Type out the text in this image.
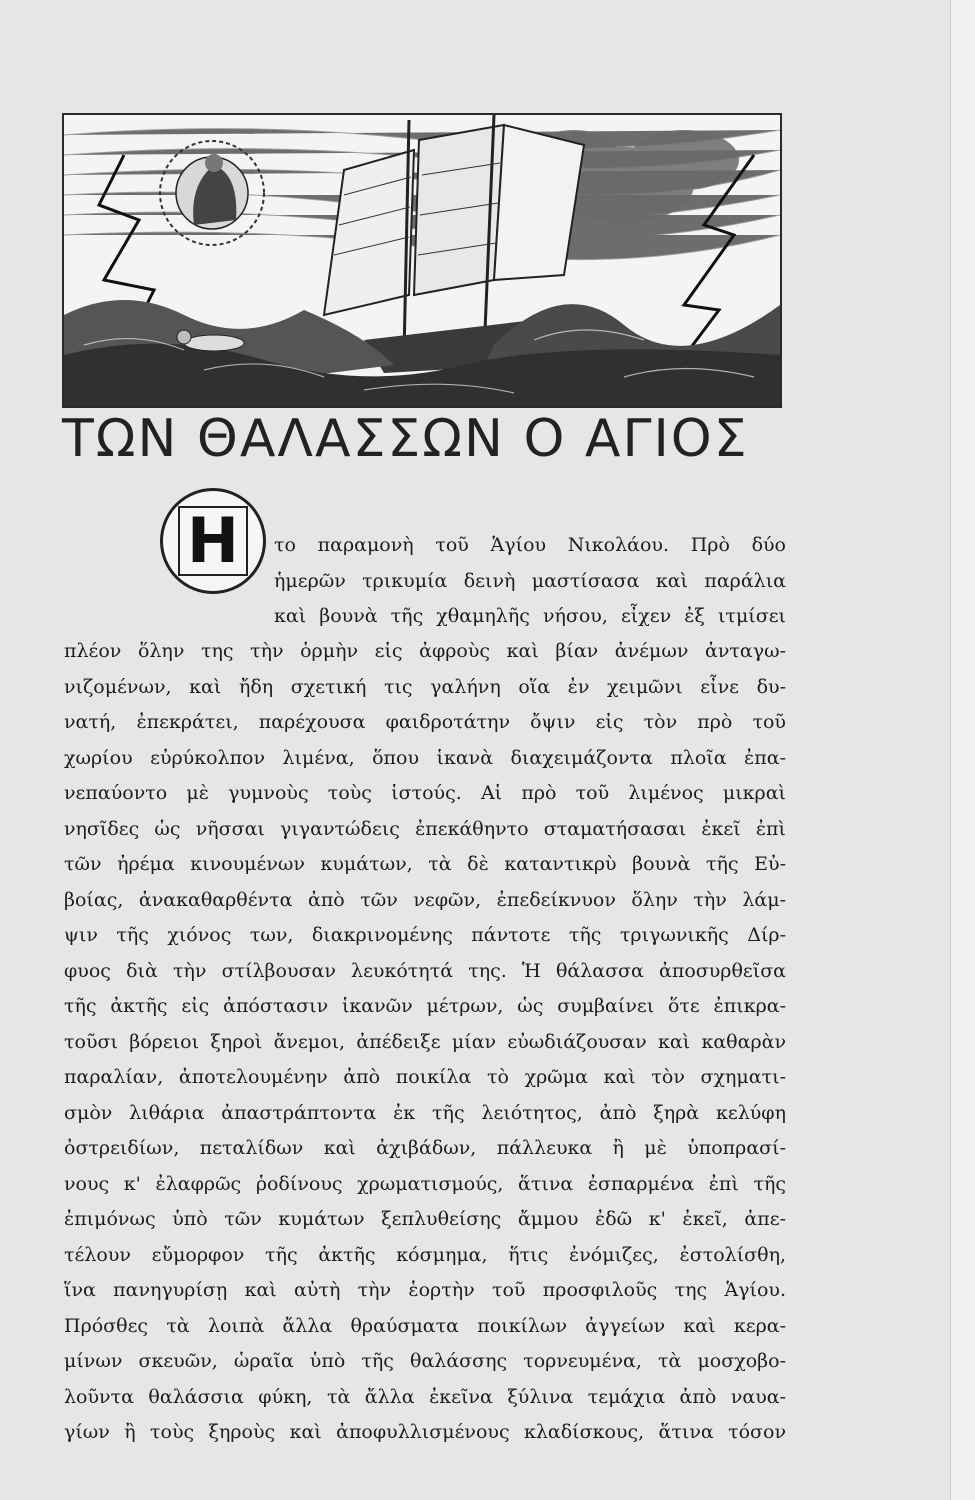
ΤΩΝ ΘΑΛΑΣΣΩΝ Ο ΑΓΙΟΣ
Η	το παραμονὴ τοῦ Ἁγίου Νικολάου. Πρὸ δύο
ἡμερῶν τρικυμία δεινὴ μαστίσασα καὶ παράλια
καὶ βουνὰ τῆς χθαμηλῆς νήσου, εἶχεν ἐξ ιτμίσει
πλέον ὅλην της τὴν ὁρμὴν εἰς ἀφροὺς καὶ βίαν ἀνέμων ἀνταγω-
νιζομένων, καὶ ἤδη σχετική τις γαλήνη οἵα ἐν χειμῶνι εἶνε δυ-
νατή, ἐπεκράτει, παρέχουσα φαιδροτάτην ὄψιν εἰς τὸν πρὸ τοῦ
χωρίου εὐρύκολπον λιμένα, ὅπου ἱκανὰ διαχειμάζοντα πλοῖα ἐπα-
νεπαύοντο μὲ γυμνοὺς τοὺς ἱστούς. Αἱ πρὸ τοῦ λιμένος μικραὶ
νησῖδες ὡς νῆσσαι γιγαντώδεις ἐπεκάθηντο σταματήσασαι ἐκεῖ ἐπὶ
τῶν ἠρέμα κινουμένων κυμάτων, τὰ δὲ καταντικρὺ βουνὰ τῆς Εὐ-
βοίας, ἀνακαθαρθέντα ἀπὸ τῶν νεφῶν, ἐπεδείκνυον ὅλην τὴν λάμ-
ψιν τῆς χιόνος των, διακρινομένης πάντοτε τῆς τριγωνικῆς Δίρ-
φυος διὰ τὴν στίλβουσαν λευκότητά της. Ἡ θάλασσα ἀποσυρθεῖσα
τῆς ἀκτῆς εἰς ἀπόστασιν ἱκανῶν μέτρων, ὡς συμβαίνει ὅτε ἐπικρα-
τοῦσι βόρειοι ξηροὶ ἄνεμοι, ἀπέδειξε μίαν εὐωδιάζουσαν καὶ καθαρὰν
παραλίαν, ἀποτελουμένην ἀπὸ ποικίλα τὸ χρῶμα καὶ τὸν σχηματι-
σμὸν λιθάρια ἀπαστράπτοντα ἐκ τῆς λειότητος, ἀπὸ ξηρὰ κελύφη
ὀστρειδίων, πεταλίδων καὶ ἀχιβάδων, πάλλευκα ἢ μὲ ὑποπρασί-
νους κ' ἐλαφρῶς ῥοδίνους χρωματισμούς, ἅτινα ἐσπαρμένα ἐπὶ τῆς
ἐπιμόνως ὑπὸ τῶν κυμάτων ξεπλυθείσης ἄμμου ἐδῶ κ' ἐκεῖ, ἀπε-
τέλουν εὔμορφον τῆς ἀκτῆς κόσμημα, ἥτις ἐνόμιζες, ἐστολίσθη,
ἵνα πανηγυρίσῃ καὶ αὐτὴ τὴν ἑορτὴν τοῦ προσφιλοῦς της Ἁγίου.
Πρόσθες τὰ λοιπὰ ἄλλα θραύσματα ποικίλων ἀγγείων καὶ κερα-
μίνων σκευῶν, ὡραῖα ὑπὸ τῆς θαλάσσης τορνευμένα, τὰ μοσχοβο-
λοῦντα θαλάσσια φύκη, τὰ ἄλλα ἐκεῖνα ξύλινα τεμάχια ἀπὸ ναυα-
γίων ἢ τοὺς ξηροὺς καὶ ἀποφυλλισμένους κλαδίσκους, ἅτινα τόσον
